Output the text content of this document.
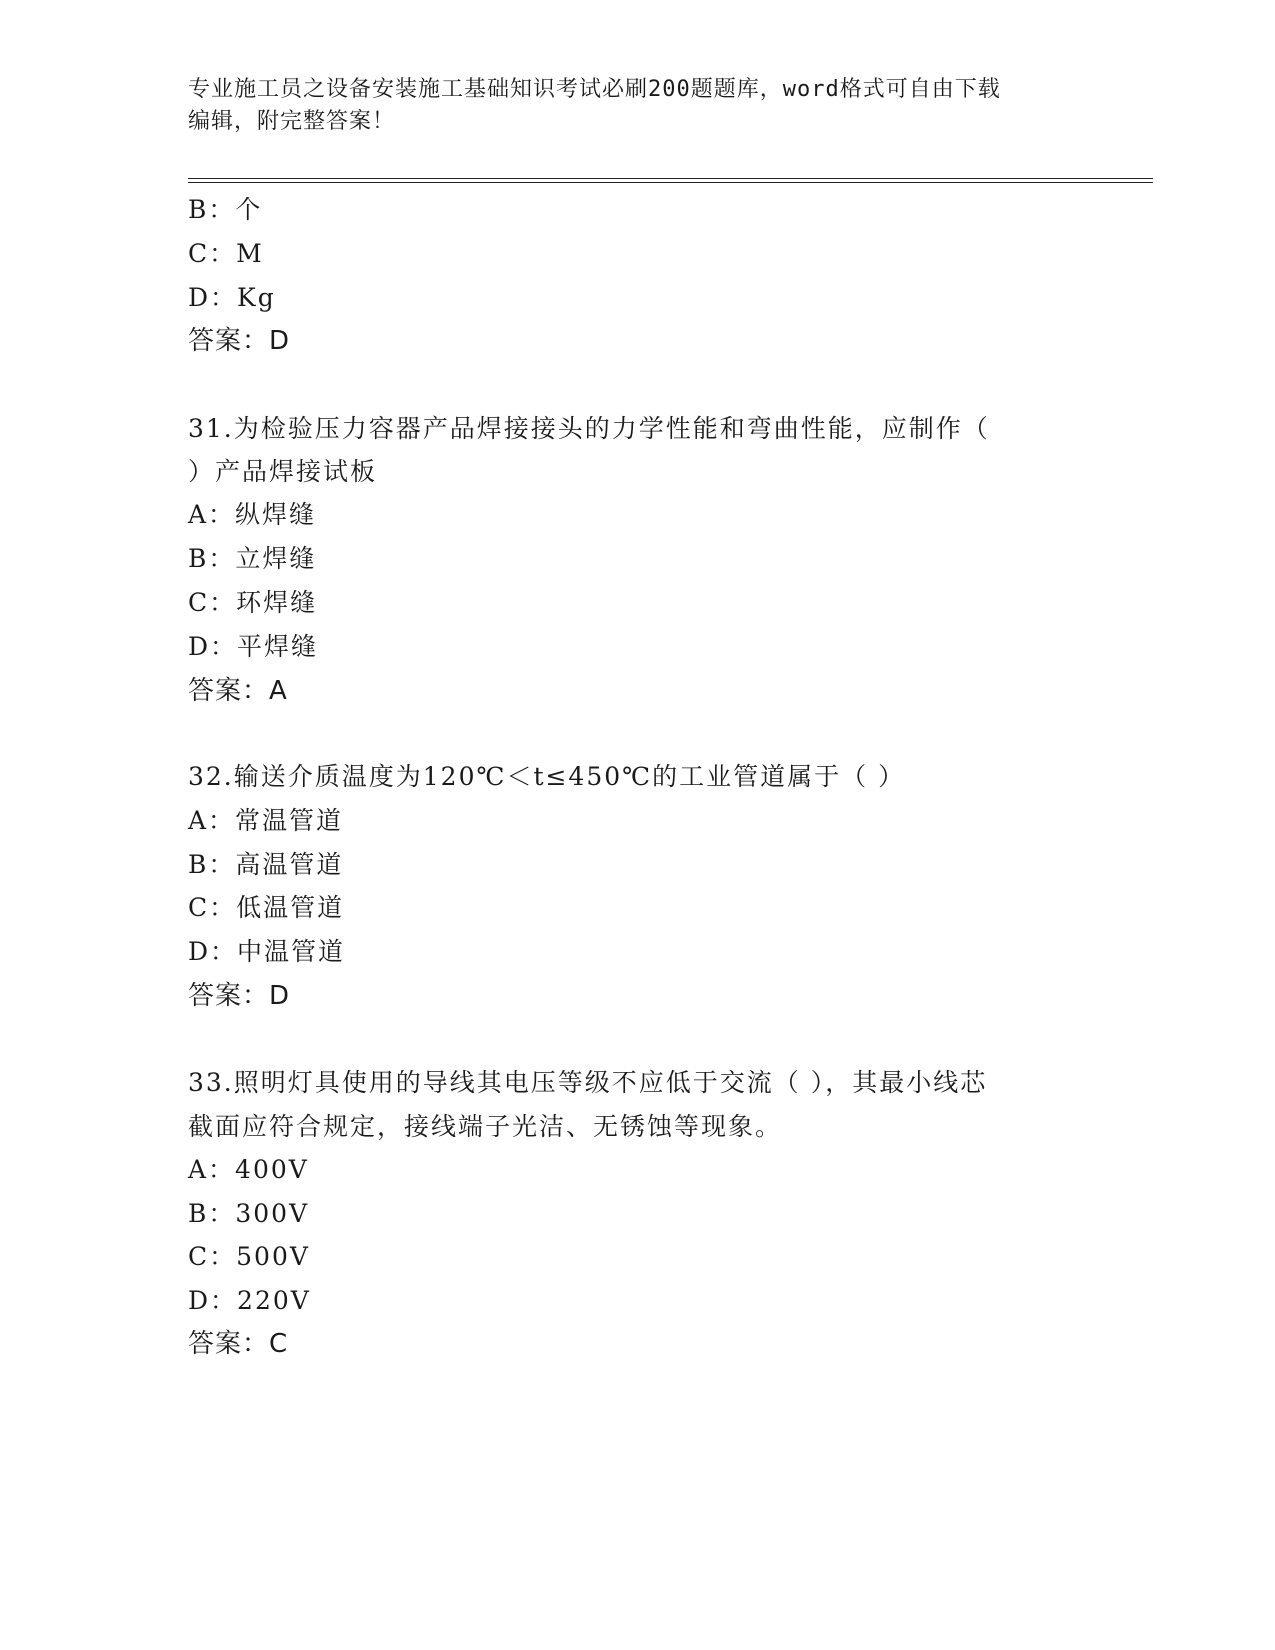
专业施工员之设备安装施工基础知识考试必刷200题题库，word格式可自由下载
编辑，附完整答案！
B：个
C：M
D：Kg
答案：D
31.为检验压力容器产品焊接接头的力学性能和弯曲性能，应制作（
）产品焊接试板
A：纵焊缝
B：立焊缝
C：环焊缝
D：平焊缝
答案：A
32.输送介质温度为120℃＜t≤450℃的工业管道属于（ ）
A：常温管道
B：高温管道
C：低温管道
D：中温管道
答案：D
33.照明灯具使用的导线其电压等级不应低于交流（ ），其最小线芯
截面应符合规定，接线端子光洁、无锈蚀等现象。
A：400V
B：300V
C：500V
D：220V
答案：C
